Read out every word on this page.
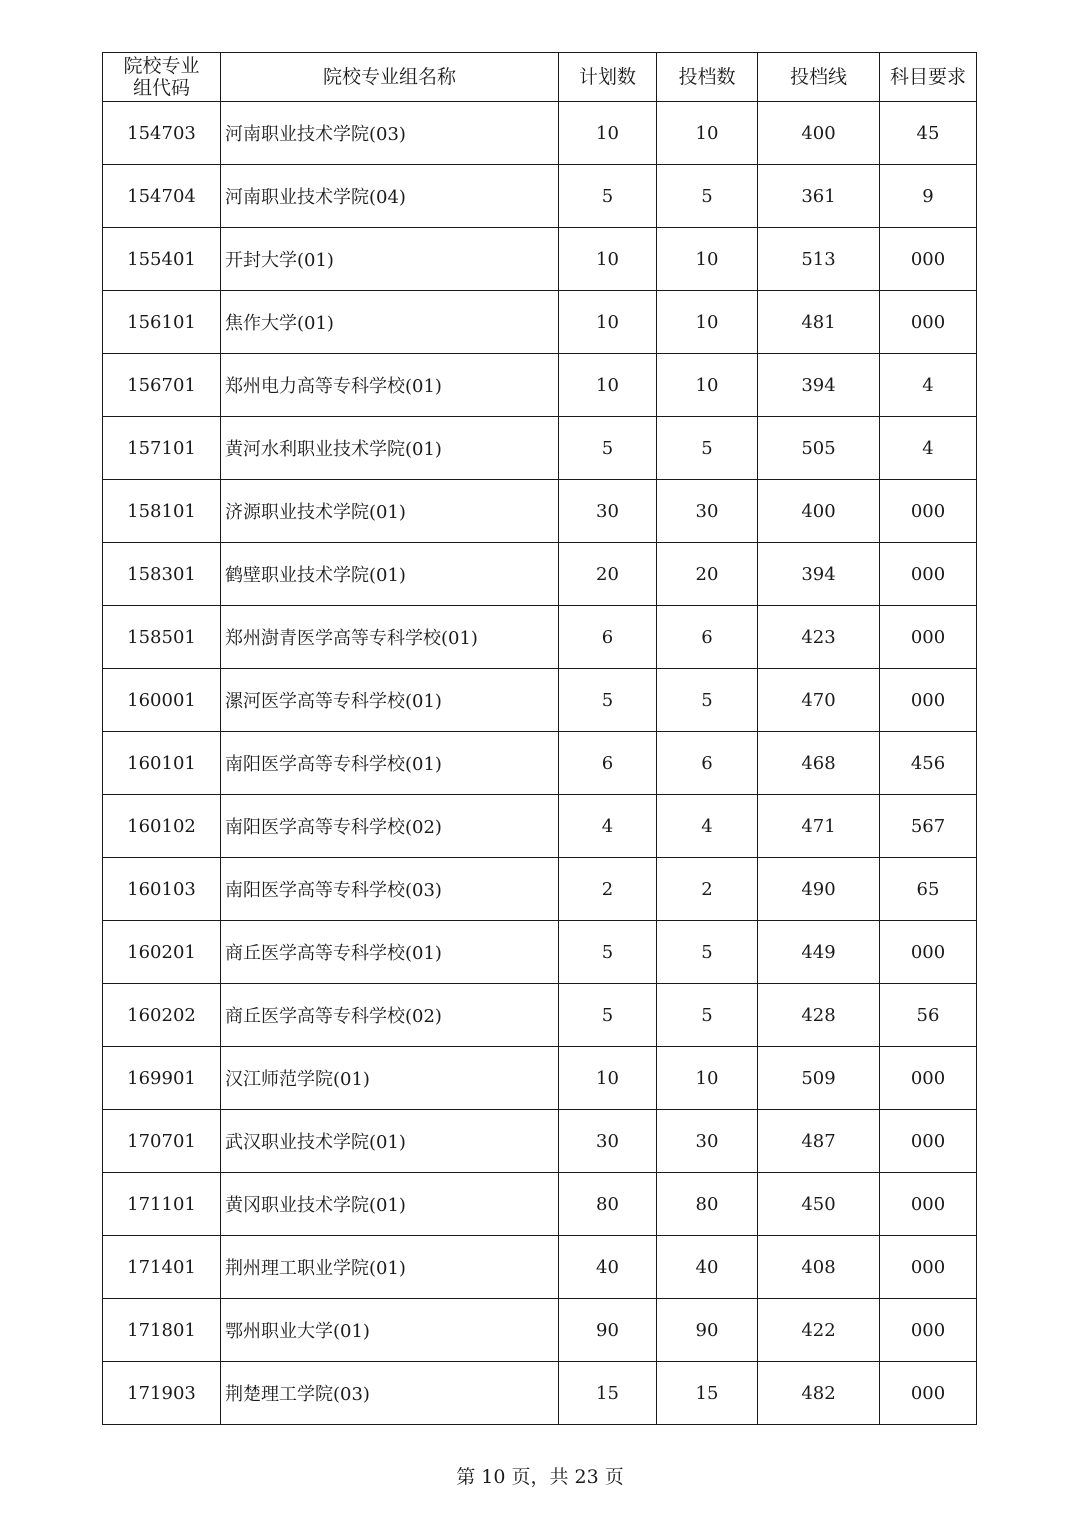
院校专业组代码	院校专业组名称	计划数	投档数	投档线	科目要求
154703	河南职业技术学院(03)	10	10	400	45
154704	河南职业技术学院(04)	5	5	361	9
155401	开封大学(01)	10	10	513	000
156101	焦作大学(01)	10	10	481	000
156701	郑州电力高等专科学校(01)	10	10	394	4
157101	黄河水利职业技术学院(01)	5	5	505	4
158101	济源职业技术学院(01)	30	30	400	000
158301	鹤壁职业技术学院(01)	20	20	394	000
158501	郑州澍青医学高等专科学校(01)	6	6	423	000
160001	漯河医学高等专科学校(01)	5	5	470	000
160101	南阳医学高等专科学校(01)	6	6	468	456
160102	南阳医学高等专科学校(02)	4	4	471	567
160103	南阳医学高等专科学校(03)	2	2	490	65
160201	商丘医学高等专科学校(01)	5	5	449	000
160202	商丘医学高等专科学校(02)	5	5	428	56
169901	汉江师范学院(01)	10	10	509	000
170701	武汉职业技术学院(01)	30	30	487	000
171101	黄冈职业技术学院(01)	80	80	450	000
171401	荆州理工职业学院(01)	40	40	408	000
171801	鄂州职业大学(01)	90	90	422	000
171903	荆楚理工学院(03)	15	15	482	000
第 10 页，共 23 页
